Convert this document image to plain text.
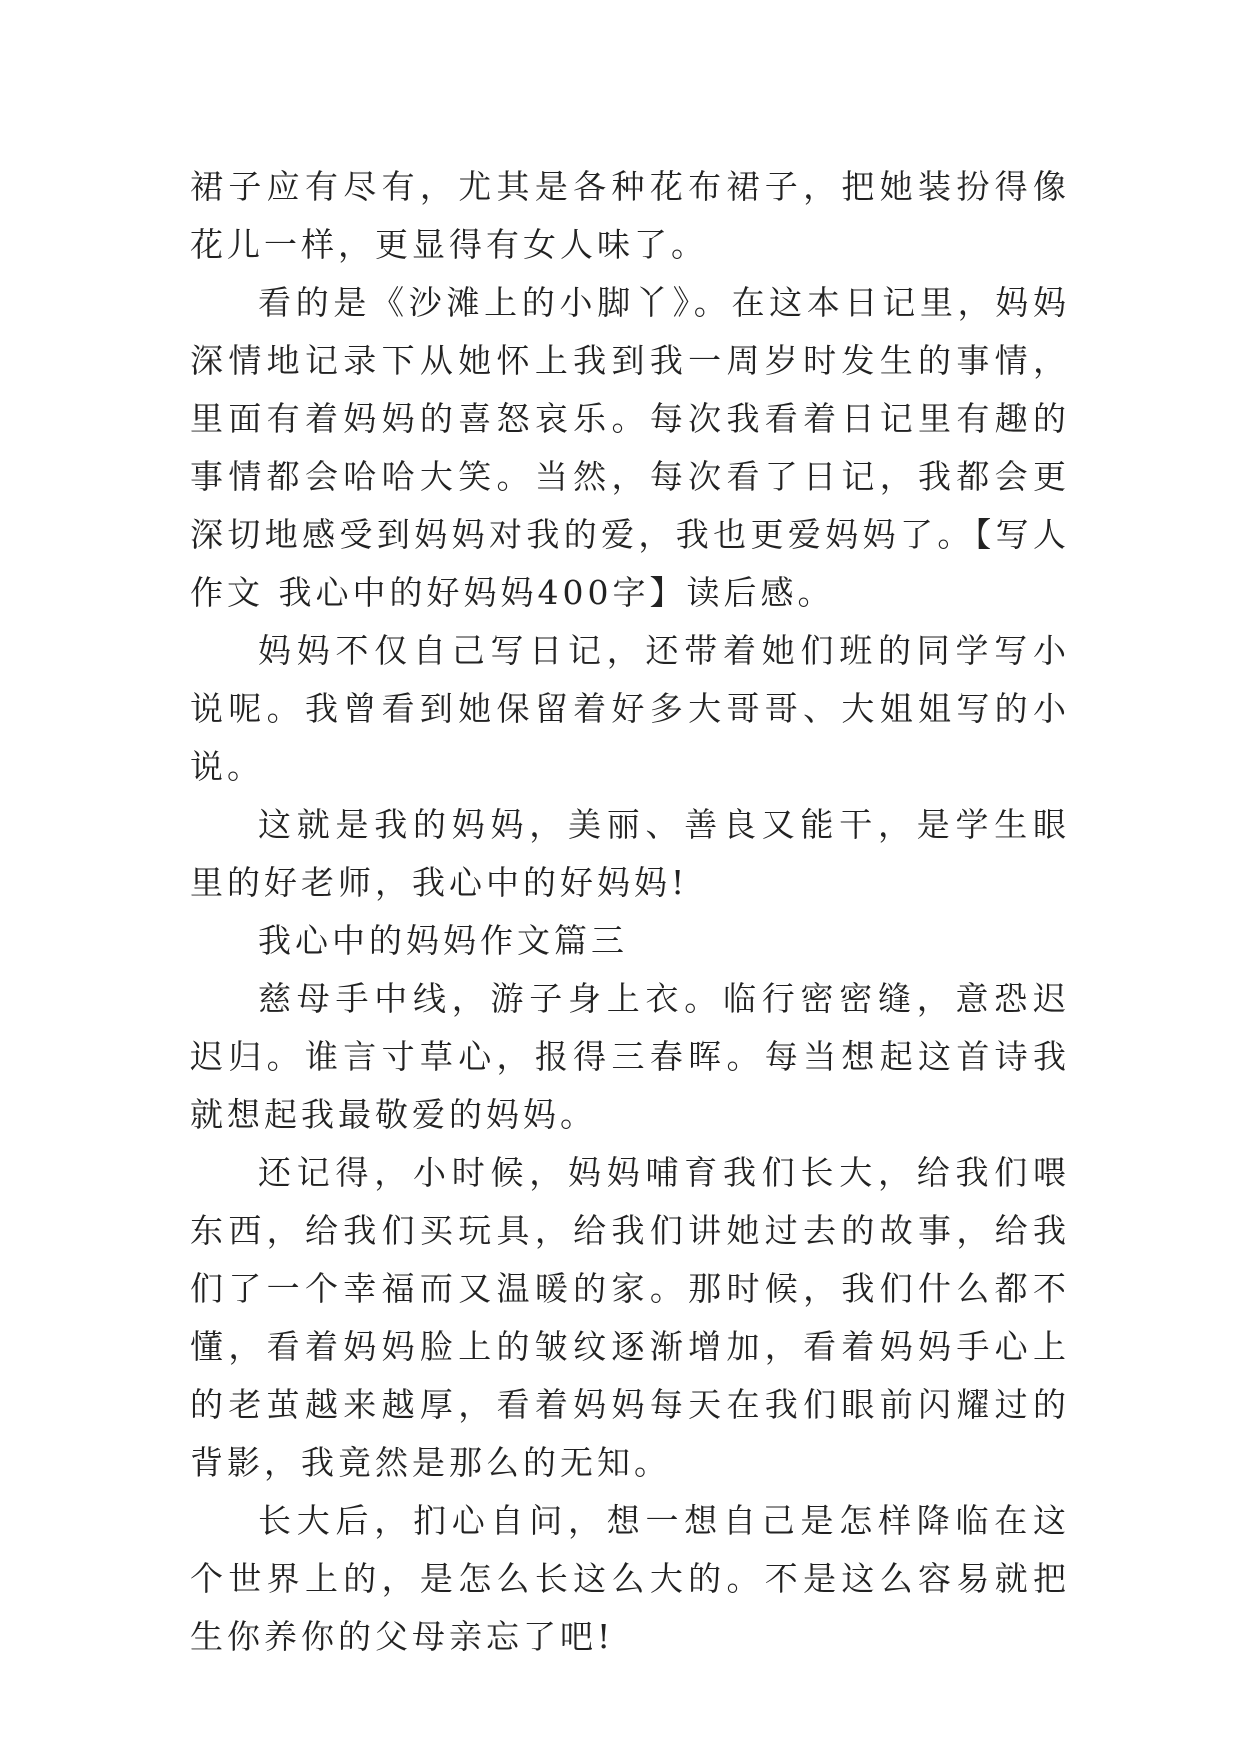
裙子应有尽有，尤其是各种花布裙子，把她装扮得像花儿一样，更显得有女人味了。

看的是《沙滩上的小脚丫》。在这本日记里，妈妈深情地记录下从她怀上我到我一周岁时发生的事情，里面有着妈妈的喜怒哀乐。每次我看着日记里有趣的事情都会哈哈大笑。当然，每次看了日记，我都会更深切地感受到妈妈对我的爱，我也更爱妈妈了。【写人作文 我心中的好妈妈400字】读后感。

妈妈不仅自己写日记，还带着她们班的同学写小说呢。我曾看到她保留着好多大哥哥、大姐姐写的小说。

这就是我的妈妈，美丽、善良又能干，是学生眼里的好老师，我心中的好妈妈!

我心中的妈妈作文篇三

慈母手中线，游子身上衣。临行密密缝，意恐迟迟归。谁言寸草心，报得三春晖。每当想起这首诗我就想起我最敬爱的妈妈。

还记得，小时候，妈妈哺育我们长大，给我们喂东西，给我们买玩具，给我们讲她过去的故事，给我们了一个幸福而又温暖的家。那时候，我们什么都不懂，看着妈妈脸上的皱纹逐渐增加，看着妈妈手心上的老茧越来越厚，看着妈妈每天在我们眼前闪耀过的背影，我竟然是那么的无知。

长大后，扪心自问，想一想自己是怎样降临在这个世界上的，是怎么长这么大的。不是这么容易就把生你养你的父母亲忘了吧!
